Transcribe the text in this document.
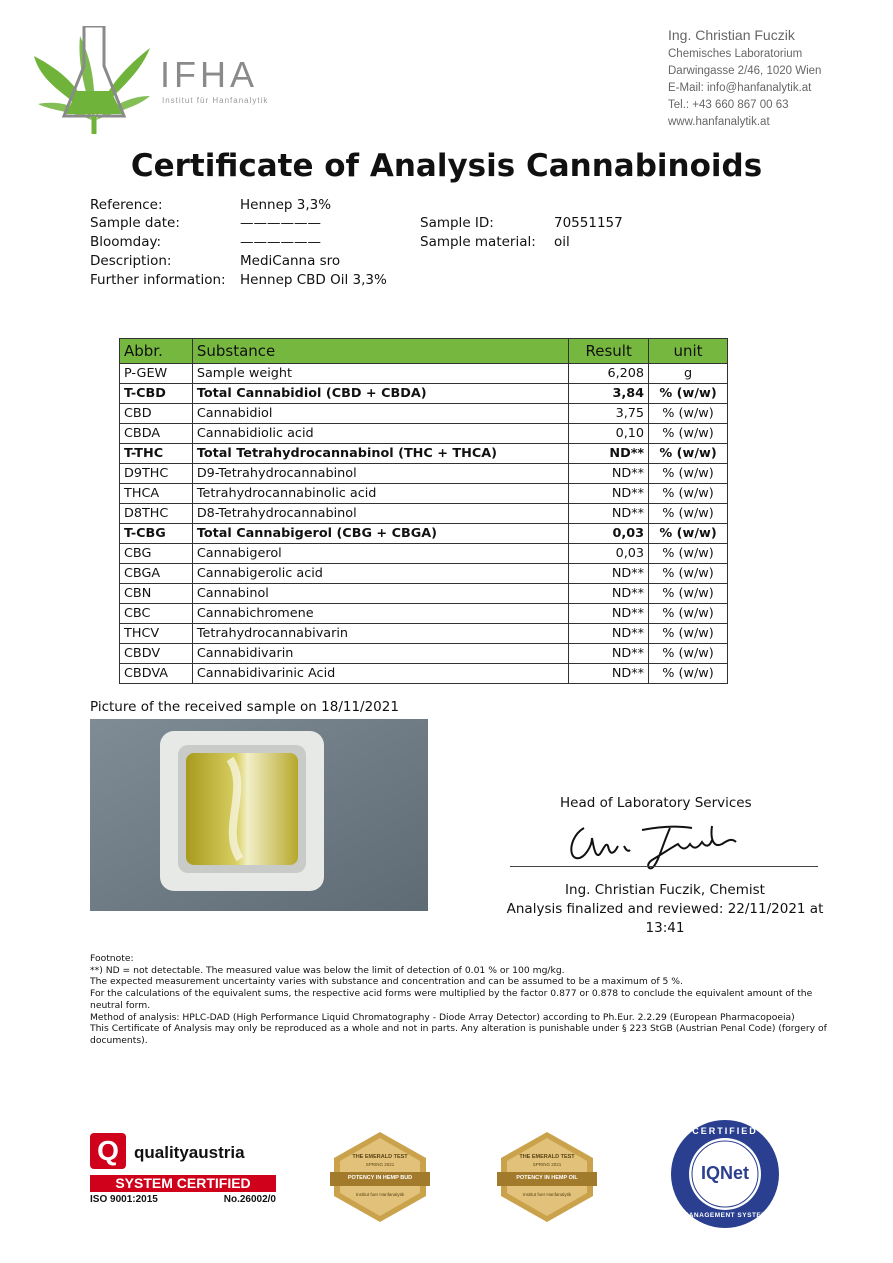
IFHA
Institut für Hanfanalytik
Ing. Christian Fuczik
Chemisches Laboratorium
Darwingasse 2/46, 1020 Wien
E-Mail: info@hanfanalytik.at
Tel.: +43 660 867 00 63
www.hanfanalytik.at
Certificate of Analysis Cannabinoids
Reference:	Hennep 3,3%
Sample date:	——————
Bloomday:	——————
Description:	MediCanna sro
Further information: Hennep CBD Oil 3,3%
Sample ID:	70551157
Sample material: oil
Abbr.	Substance	Result	unit
P-GEW	Sample weight	6,208	g
T-CBD	Total Cannabidiol (CBD + CBDA)	3,84	% (w/w)
CBD	Cannabidiol	3,75	% (w/w)
CBDA	Cannabidiolic acid	0,10	% (w/w)
T-THC	Total Tetrahydrocannabinol (THC + THCA)	ND**	% (w/w)
D9THC	D9-Tetrahydrocannabinol	ND**	% (w/w)
THCA	Tetrahydrocannabinolic acid	ND**	% (w/w)
D8THC	D8-Tetrahydrocannabinol	ND**	% (w/w)
T-CBG	Total Cannabigerol (CBG + CBGA)	0,03	% (w/w)
CBG	Cannabigerol	0,03	% (w/w)
CBGA	Cannabigerolic acid	ND**	% (w/w)
CBN	Cannabinol	ND**	% (w/w)
CBC	Cannabichromene	ND**	% (w/w)
THCV	Tetrahydrocannabivarin	ND**	% (w/w)
CBDV	Cannabidivarin	ND**	% (w/w)
CBDVA	Cannabidivarinic Acid	ND**	% (w/w)
Picture of the received sample on 18/11/2021
Head of Laboratory Services
Ing. Christian Fuczik, Chemist
Analysis finalized and reviewed: 22/11/2021 at
13:41
Footnote:
**) ND = not detectable. The measured value was below the limit of detection of 0.01 % or 100 mg/kg.
The expected measurement uncertainty varies with substance and concentration and can be assumed to be a maximum of 5 %.
For the calculations of the equivalent sums, the respective acid forms were multiplied by the factor 0.877 or 0.878 to conclude the equivalent amount of the neutral form.
Method of analysis: HPLC-DAD (High Performance Liquid Chromatography - Diode Array Detector) according to Ph.Eur. 2.2.29 (European Pharmacopoeia)
This Certificate of Analysis may only be reproduced as a whole and not in parts. Any alteration is punishable under § 223 StGB (Austrian Penal Code) (forgery of documents).
Q qualityaustria
SYSTEM CERTIFIED
ISO 9001:2015	No.26002/0
THE EMERALD TEST
SPRING 2021
POTENCY IN HEMP BUD
Institut fuer Hanfanalytik
THE EMERALD TEST
SPRING 2021
POTENCY IN HEMP OIL
Institut fuer Hanfanalytik
CERTIFIED
IQNet
MANAGEMENT SYSTEM
